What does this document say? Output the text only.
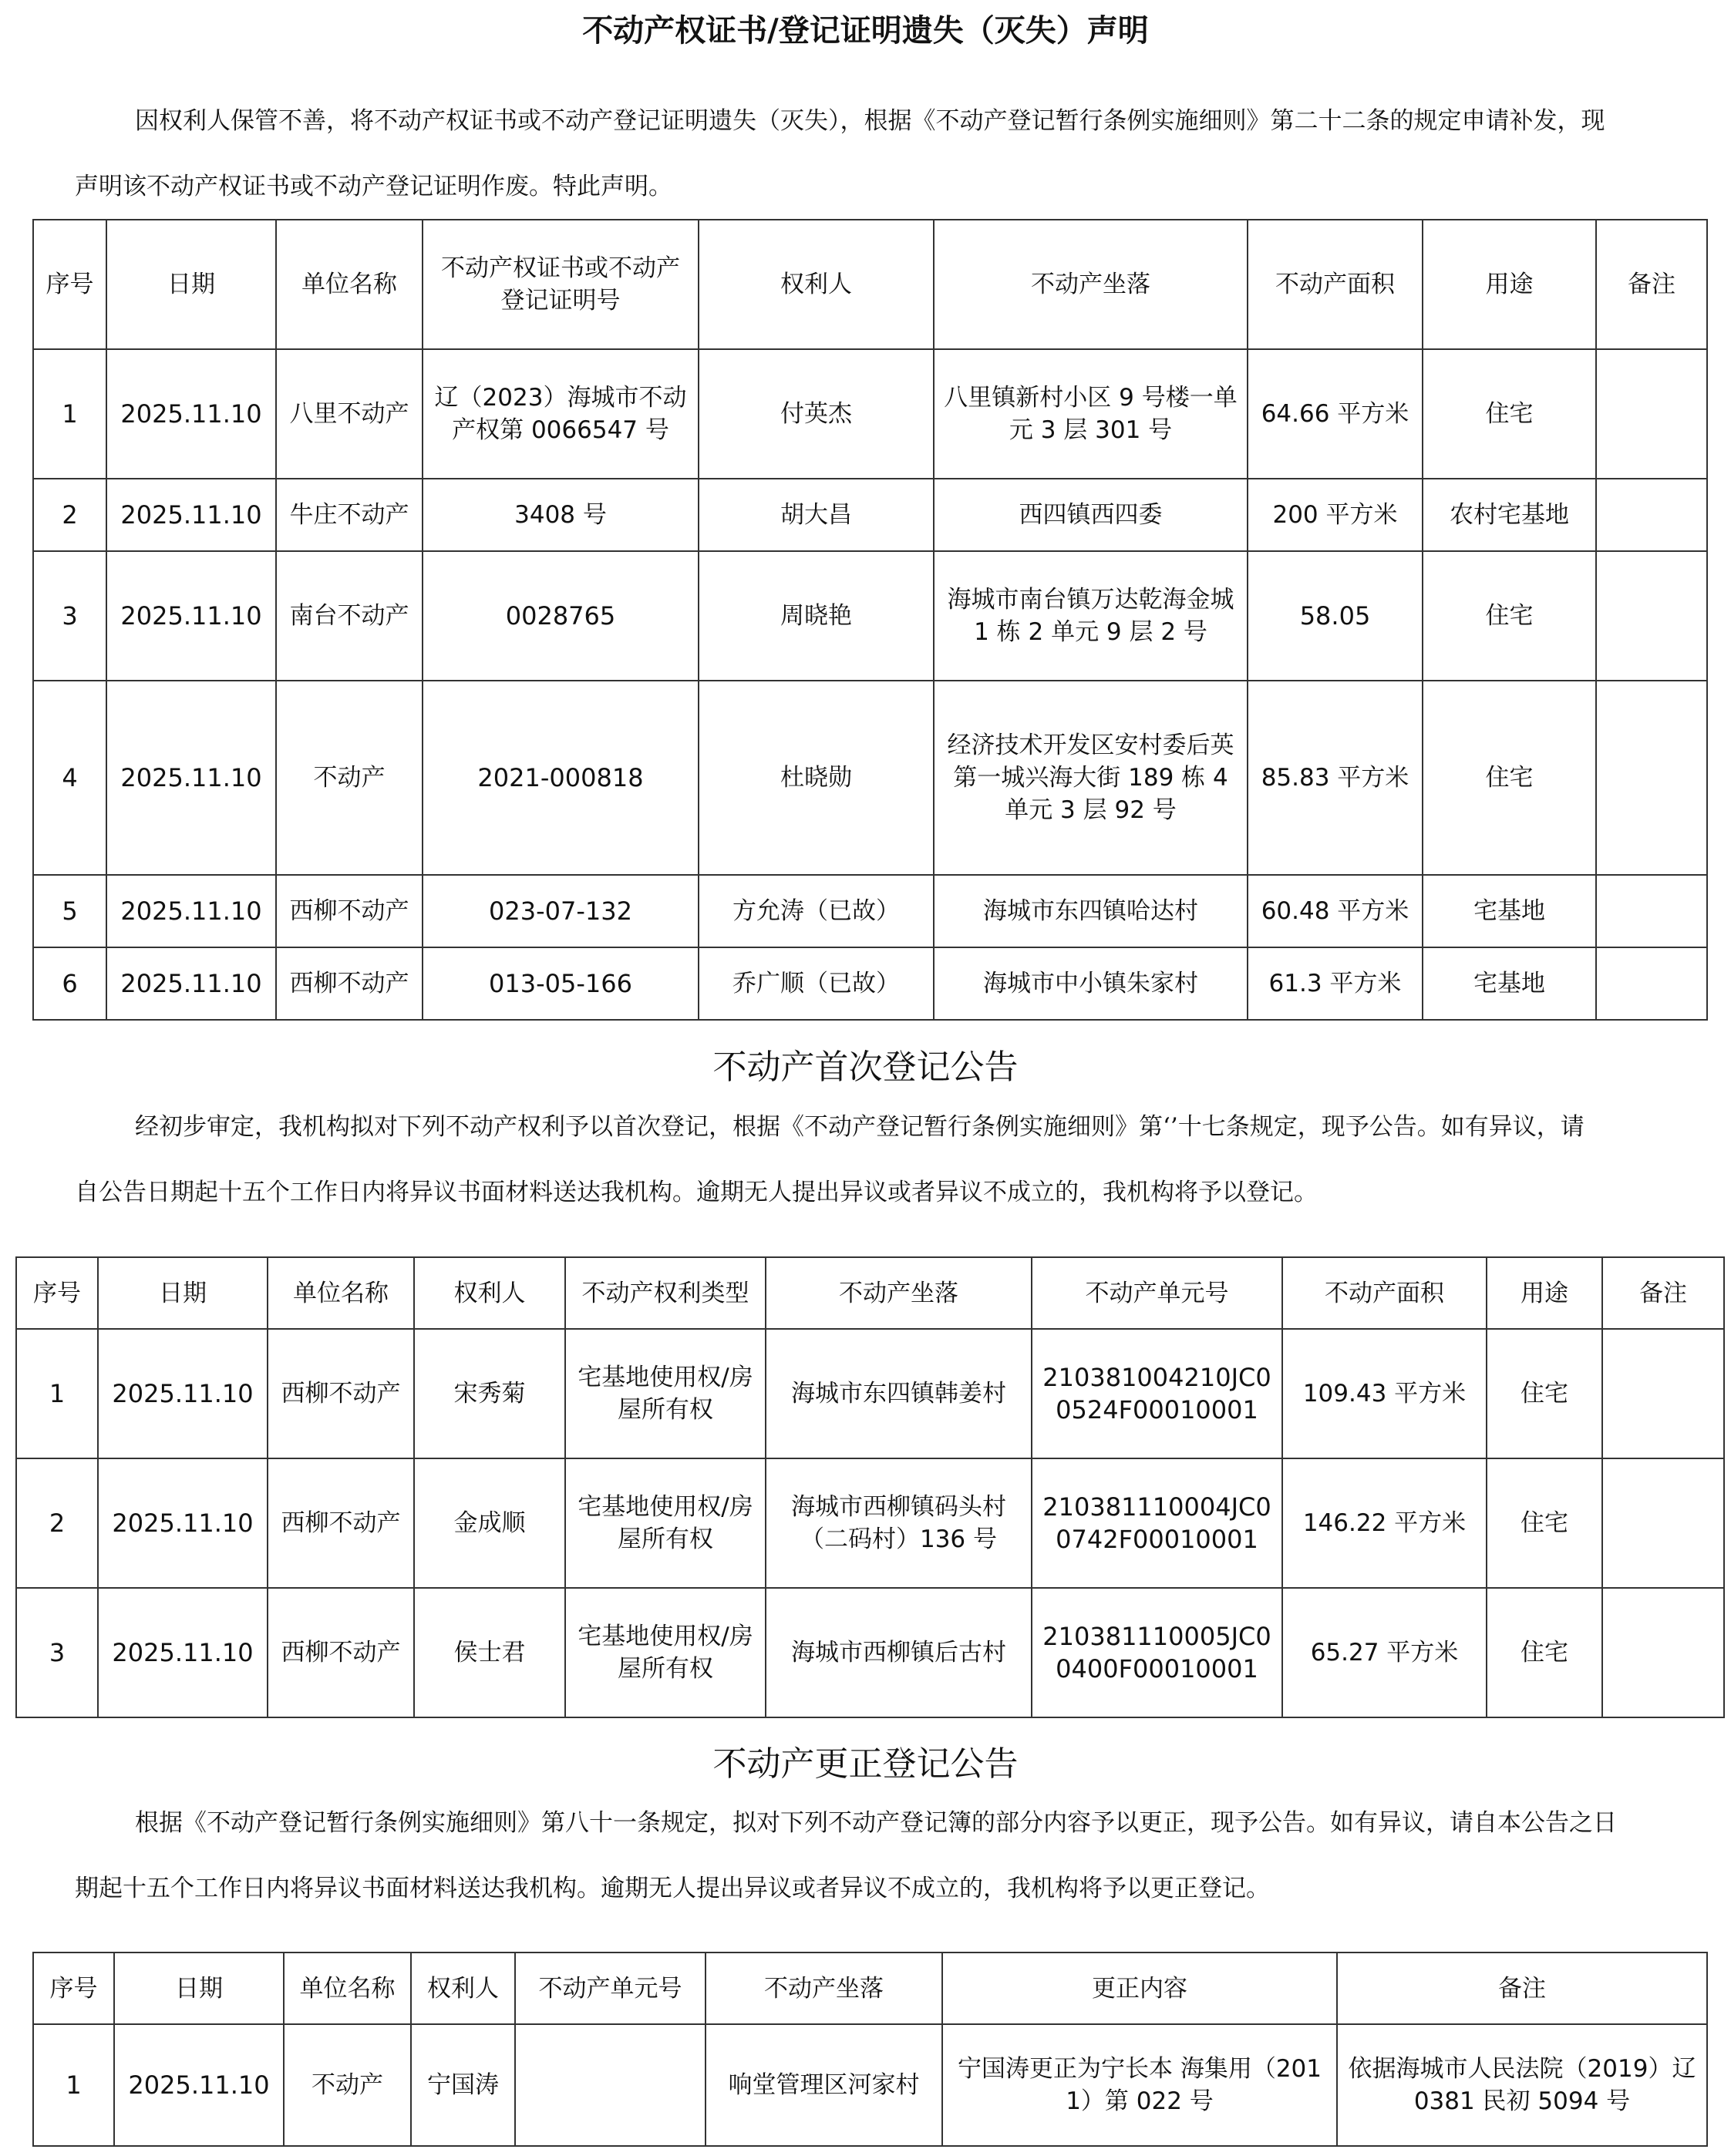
不动产权证书/登记证明遗失（灭失）声明
因权利人保管不善，将不动产权证书或不动产登记证明遗失（灭失），根据《不动产登记暂行条例实施细则》第二十二条的规定申请补发，现
声明该不动产权证书或不动产登记证明作废。特此声明。
序号	日期	单位名称	不动产权证书或不动产登记证明号	权利人	不动产坐落	不动产面积	用途	备注
1	2025.11.10	八里不动产	辽（2023）海城市不动产权第 0066547 号	付英杰	八里镇新村小区 9 号楼一单元 3 层 301 号	64.66 平方米	住宅	
2	2025.11.10	牛庄不动产	3408 号	胡大昌	西四镇西四委	200 平方米	农村宅基地	
3	2025.11.10	南台不动产	0028765	周晓艳	海城市南台镇万达乾海金城 1 栋 2 单元 9 层 2 号	58.05	住宅	
4	2025.11.10	不动产	2021-000818	杜晓勋	经济技术开发区安村委后英第一城兴海大街 189 栋 4 单元 3 层 92 号	85.83 平方米	住宅	
5	2025.11.10	西柳不动产	023-07-132	方允涛（已故）	海城市东四镇哈达村	60.48 平方米	宅基地	
6	2025.11.10	西柳不动产	013-05-166	乔广顺（已故）	海城市中小镇朱家村	61.3 平方米	宅基地	
不动产首次登记公告
经初步审定，我机构拟对下列不动产权利予以首次登记，根据《不动产登记暂行条例实施细则》第‘’十七条规定，现予公告。如有异议，请
自公告日期起十五个工作日内将异议书面材料送达我机构。逾期无人提出异议或者异议不成立的，我机构将予以登记。
序号	日期	单位名称	权利人	不动产权利类型	不动产坐落	不动产单元号	不动产面积	用途	备注
1	2025.11.10	西柳不动产	宋秀菊	宅基地使用权/房屋所有权	海城市东四镇韩姜村	210381004210JC00524F00010001	109.43 平方米	住宅	
2	2025.11.10	西柳不动产	金成顺	宅基地使用权/房屋所有权	海城市西柳镇码头村（二码村）136 号	210381110004JC00742F00010001	146.22 平方米	住宅	
3	2025.11.10	西柳不动产	侯士君	宅基地使用权/房屋所有权	海城市西柳镇后古村	210381110005JC00400F00010001	65.27 平方米	住宅	
不动产更正登记公告
根据《不动产登记暂行条例实施细则》第八十一条规定，拟对下列不动产登记簿的部分内容予以更正，现予公告。如有异议，请自本公告之日
期起十五个工作日内将异议书面材料送达我机构。逾期无人提出异议或者异议不成立的，我机构将予以更正登记。
序号	日期	单位名称	权利人	不动产单元号	不动产坐落	更正内容	备注
1	2025.11.10	不动产	宁国涛		响堂管理区河家村	宁国涛更正为宁长本 海集用（2011）第 022 号	依据海城市人民法院（2019）辽 0381 民初 5094 号
